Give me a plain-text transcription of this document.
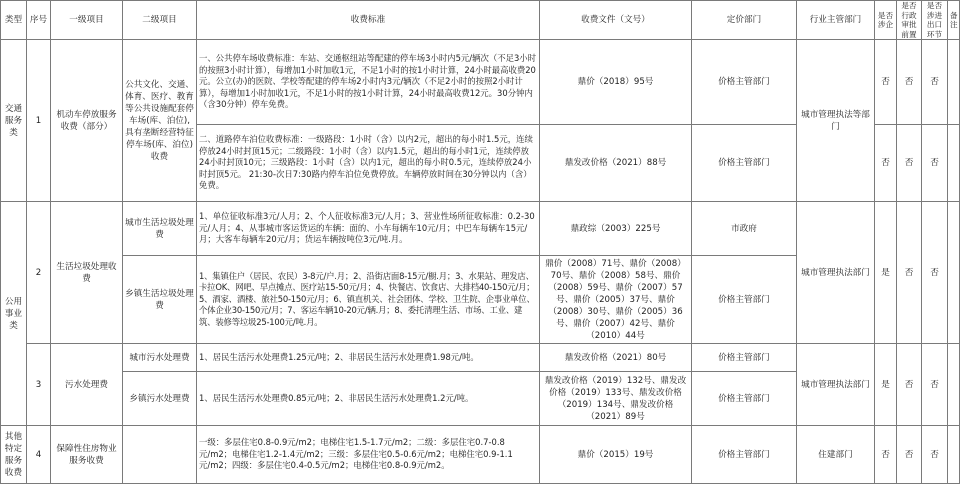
类型	序号	一级项目	二级项目	收费标准	收费文件（文号）	定价部门	行业主管部门	是否涉企	是否行政审批前置	是否涉进出口环节	备注
交通服务类	1	机动车停放服务收费（部分）	公共文化、交通、体育、医疗、教育等公共设施配套停车场(库、泊位),具有垄断经营特征停车场(库、泊位)收费	一、公共停车场收费标准：车站、交通枢纽站等配建的停车场3小时内5元/辆次（不足3小时的按照3小时计算），每增加1小时加收1元，不足1小时的按1小时计算，24小时最高收费20元。公立(办)的医院、学校等配建的停车场2小时内3元/辆次（不足2小时的按照2小时计算），每增加1小时加收1元，不足1小时的按1小时计算，24小时最高收费12元。30分钟内（含30分钟）停车免费。	鼎价（2018）95号	价格主管部门	城市管理执法等部门	否	否	否	
				二、道路停车泊位收费标准：一级路段：1小时（含）以内2元，超出的每小时1.5元，连续停放24小时封顶15元；二级路段：1小时（含）以内1.5元，超出的每小时1元，连续停放24小时封顶10元；三级路段：1小时（含）以内1元，超出的每小时0.5元，连续停放24小时封顶5元。 21:30-次日7:30路内停车泊位免费停放。车辆停放时间在30分钟以内（含）免费。	鼎发改价格（2021）88号	价格主管部门		否	否	否	
公用事业类	2	生活垃圾处理收费	城市生活垃圾处理费	1、单位征收标准3元/人月；2、个人征收标准3元/人月；3、营业性场所征收标准：0.2-30元/人月；4、从事城市客运货运的车辆：面的、小车每辆车10元/月；中巴车每辆车15元/月；大客车每辆车20元/月；货运车辆按吨位3元/吨.月。	鼎政综（2003）225号	市政府	城市管理执法部门	是	否	否	
			乡镇生活垃圾处理费	1、集镇住户（居民、农民）3-8元/户.月；2、沿街店面8-15元/橱.月；3、水果站、理发店、卡拉OK、网吧、早点摊点、医疗站15-50元/月；4、快餐店、饮食店、大排档40-150元/月；5、酒家、酒楼、旅社50-150元/月；6、镇直机关、社会团体、学校、卫生院、企事业单位、个体企业30-150元/月；7、客运车辆10-20元/辆.月；8、委托清理生活、市场、工业、建筑、装修等垃圾25-100元/吨.月。	鼎价（2008）71号、鼎价（2008）70号、鼎价（2008）58号、鼎价（2008）59号、鼎价（2007）57号、鼎价（2005）37号、鼎价（2008）30号、鼎价（2005）36号、鼎价（2007）42号、鼎价（2010）44号	价格主管部门					
	3	污水处理费	城市污水处理费	1、居民生活污水处理费1.25元/吨；2、非居民生活污水处理费1.98元/吨。	鼎发改价格（2021）80号	价格主管部门	城市管理执法部门	是	否	否	
			乡镇污水处理费	1、居民生活污水处理费0.85元/吨；2、非居民生活污水处理费1.2元/吨。	鼎发改价格（2019）132号、鼎发改价格（2019）133号、鼎发改价格（2019）134号、鼎发改价格（2021）89号	价格主管部门					
其他特定服务收费	4	保障性住房物业服务收费		一级：多层住宅0.8-0.9元/m2；电梯住宅1.5-1.7元/m2；二级：多层住宅0.7-0.8元/m2；电梯住宅1.2-1.4元/m2；三级：多层住宅0.5-0.6元/m2；电梯住宅0.9-1.1元/m2；四级：多层住宅0.4-0.5元/m2；电梯住宅0.8-0.9元/m2。	鼎价（2015）19号	价格主管部门	住建部门	否	否	否	
